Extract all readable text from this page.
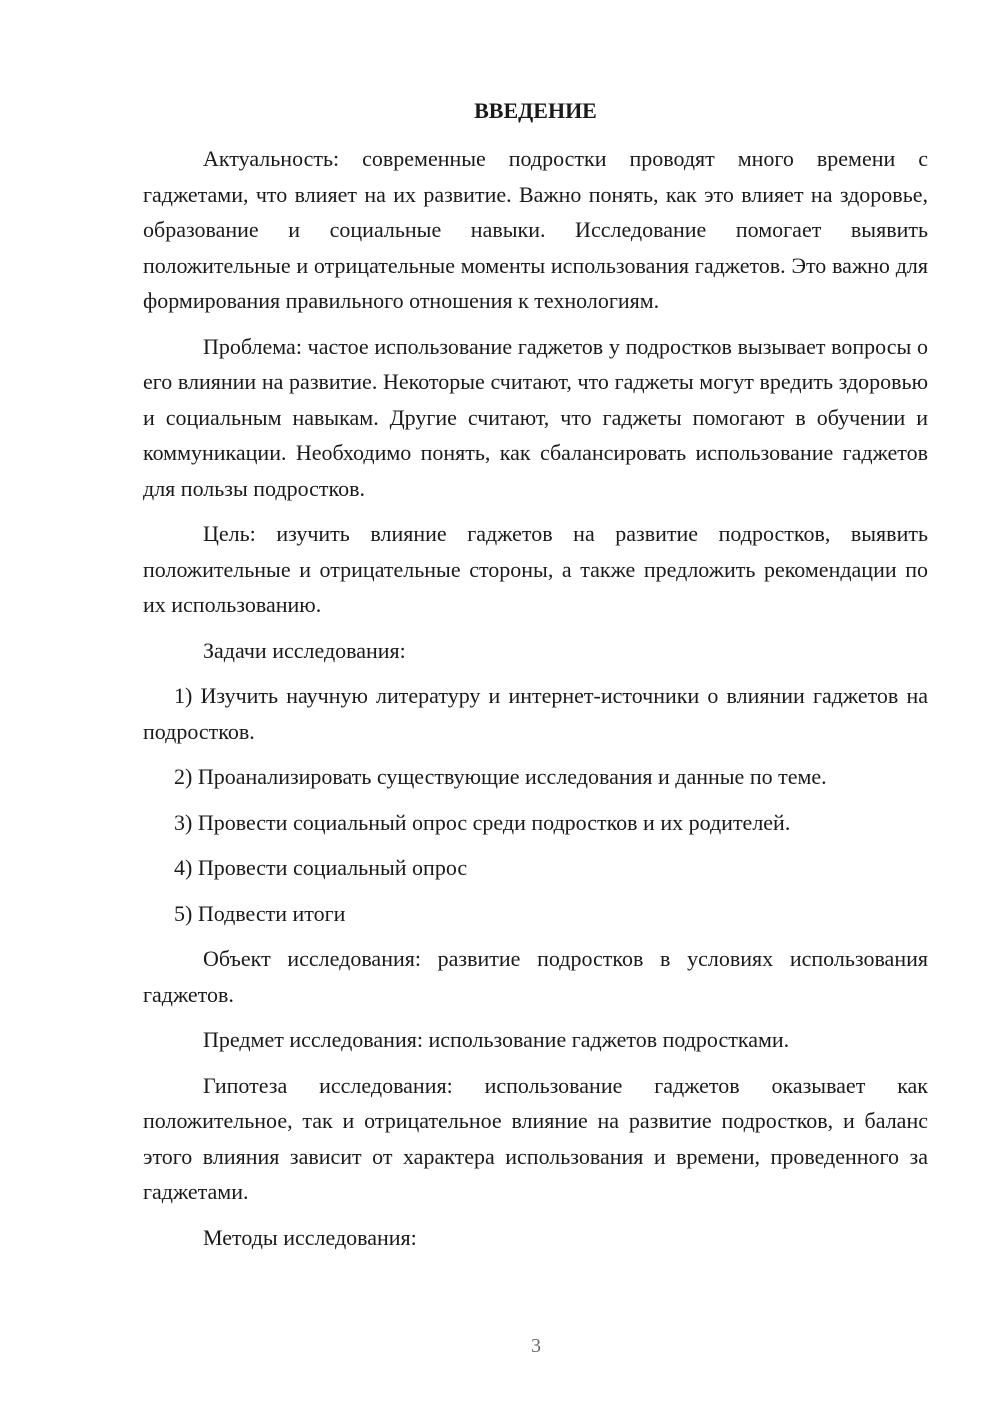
ВВЕДЕНИЕ

Актуальность: современные подростки проводят много времени с гаджетами, что влияет на их развитие. Важно понять, как это влияет на здоровье, образование и социальные навыки. Исследование помогает выявить положительные и отрицательные моменты использования гаджетов. Это важно для формирования правильного отношения к технологиям.

Проблема: частое использование гаджетов у подростков вызывает вопросы о его влиянии на развитие. Некоторые считают, что гаджеты могут вредить здоровью и социальным навыкам. Другие считают, что гаджеты помогают в обучении и коммуникации. Необходимо понять, как сбалансировать использование гаджетов для пользы подростков.

Цель: изучить влияние гаджетов на развитие подростков, выявить положительные и отрицательные стороны, а также предложить рекомендации по их использованию.

Задачи исследования:

1) Изучить научную литературу и интернет-источники о влиянии гаджетов на подростков.

2) Проанализировать существующие исследования и данные по теме.

3) Провести социальный опрос среди подростков и их родителей.

4) Провести социальный опрос

5) Подвести итоги

Объект исследования: развитие подростков в условиях использования гаджетов.

Предмет исследования: использование гаджетов подростками.

Гипотеза исследования: использование гаджетов оказывает как положительное, так и отрицательное влияние на развитие подростков, и баланс этого влияния зависит от характера использования и времени, проведенного за гаджетами.

Методы исследования:

3
